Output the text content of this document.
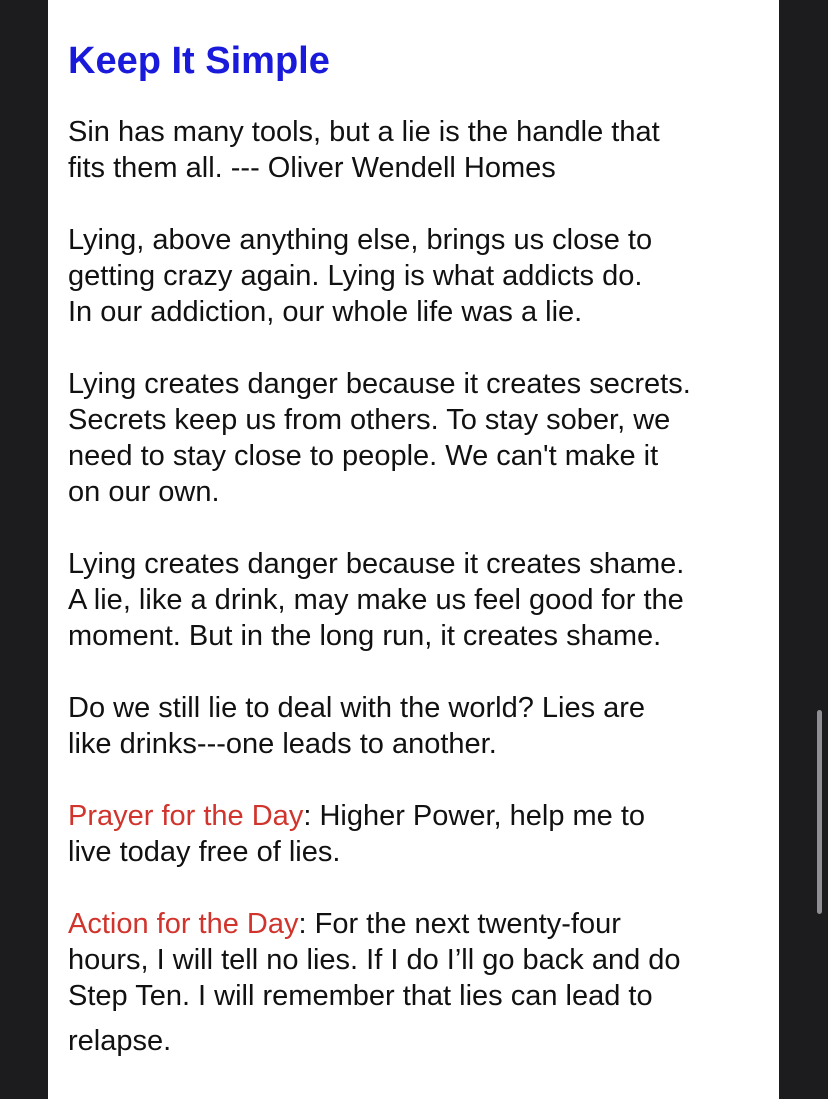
Keep It Simple

Sin has many tools, but a lie is the handle that
fits them all. --- Oliver Wendell Homes

Lying, above anything else, brings us close to
getting crazy again. Lying is what addicts do.
In our addiction, our whole life was a lie.

Lying creates danger because it creates secrets.
Secrets keep us from others. To stay sober, we
need to stay close to people. We can't make it
on our own.

Lying creates danger because it creates shame.
A lie, like a drink, may make us feel good for the
moment. But in the long run, it creates shame.

Do we still lie to deal with the world? Lies are
like drinks---one leads to another.

Prayer for the Day: Higher Power, help me to
live today free of lies.

Action for the Day: For the next twenty-four
hours, I will tell no lies. If I do I’ll go back and do
Step Ten. I will remember that lies can lead to
relapse.
